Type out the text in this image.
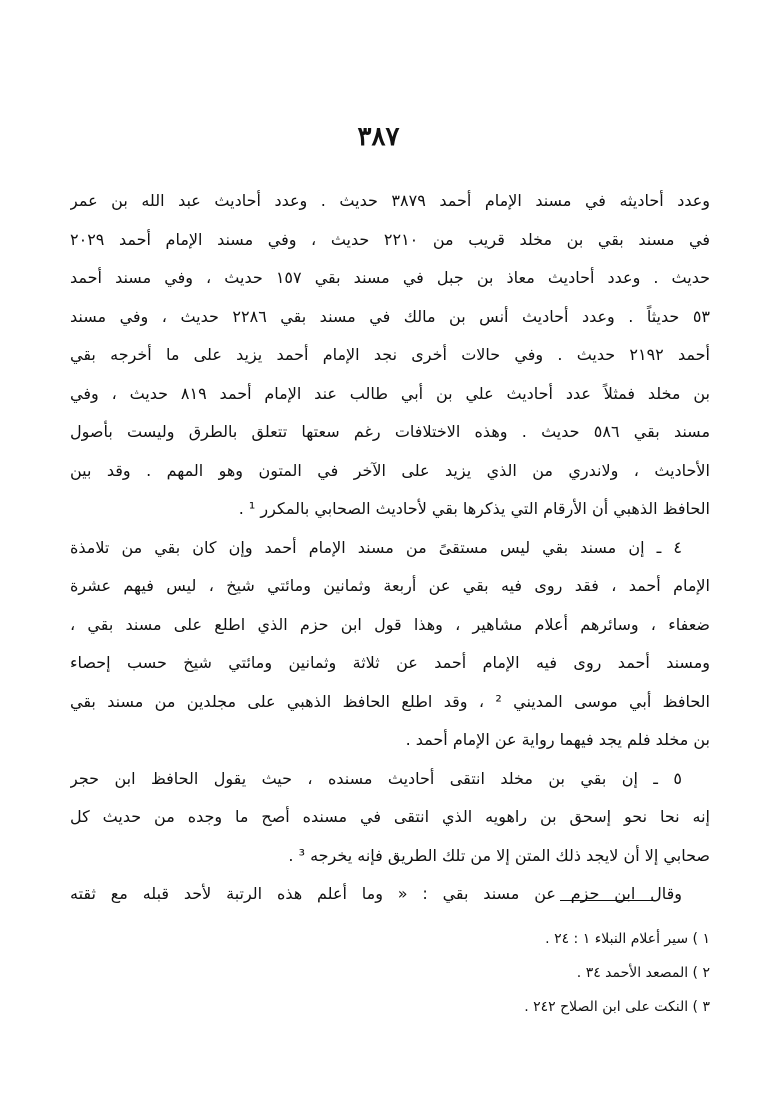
٣٨٧
وعدد أحاديثه في مسند الإمام أحمد ٣٨٧٩ حديث . وعدد أحاديث عبد الله بن عمر
في مسند بقي بن مخلد قريب من ٢٢١٠ حديث ، وفي مسند الإمام أحمد ٢٠٢٩
حديث . وعدد أحاديث معاذ بن جبل في مسند بقي ١٥٧ حديث ، وفي مسند أحمد
٥٣ حديثاً . وعدد أحاديث أنس بن مالك في مسند بقي ٢٢٨٦ حديث ، وفي مسند
أحمد ٢١٩٢ حديث . وفي حالات أخرى نجد الإمام أحمد يزيد على ما أخرجه بقي
بن مخلد فمثلاً عدد أحاديث علي بن أبي طالب عند الإمام أحمد ٨١٩ حديث ، وفي
مسند بقي ٥٨٦ حديث . وهذه الاختلافات رغم سعتها تتعلق بالطرق وليست بأصول
الأحاديث ، ولاندري من الذي يزيد على الآخر في المتون وهو المهم . وقد بين
الحافظ الذهبي أن الأرقام التي يذكرها بقي لأحاديث الصحابي بالمكرر ¹ .
٤ ـ إن مسند بقي ليس مستقىً من مسند الإمام أحمد وإن كان بقي من تلامذة
الإمام أحمد ، فقد روى فيه بقي عن أربعة وثمانين ومائتي شيخ ، ليس فيهم عشرة
ضعفاء ، وسائرهم أعلام مشاهير ، وهذا قول ابن حزم الذي اطلع على مسند بقي ،
ومسند أحمد روى فيه الإمام أحمد عن ثلاثة وثمانين ومائتي شيخ حسب إحصاء
الحافظ أبي موسى المديني ² ، وقد اطلع الحافظ الذهبي على مجلدين من مسند بقي
بن مخلد فلم يجد فيهما رواية عن الإمام أحمد .
٥ ـ إن بقي بن مخلد انتقى أحاديث مسنده ، حيث يقول الحافظ ابن حجر
إنه نحا نحو إسحق بن راهويه الذي انتقى في مسنده أصح ما وجده من حديث كل
صحابي إلا أن لايجد ذلك المتن إلا من تلك الطريق فإنه يخرجه ³ .
وقال ابن حزم عن مسند بقي : « وما أعلم هذه الرتبة لأحد قبله مع ثقته
١ ) سير أعلام النبلاء ١ : ٢٤ .
٢ ) المصعد الأحمد ٣٤ .
٣ ) النكت على ابن الصلاح ٢٤٢ .
